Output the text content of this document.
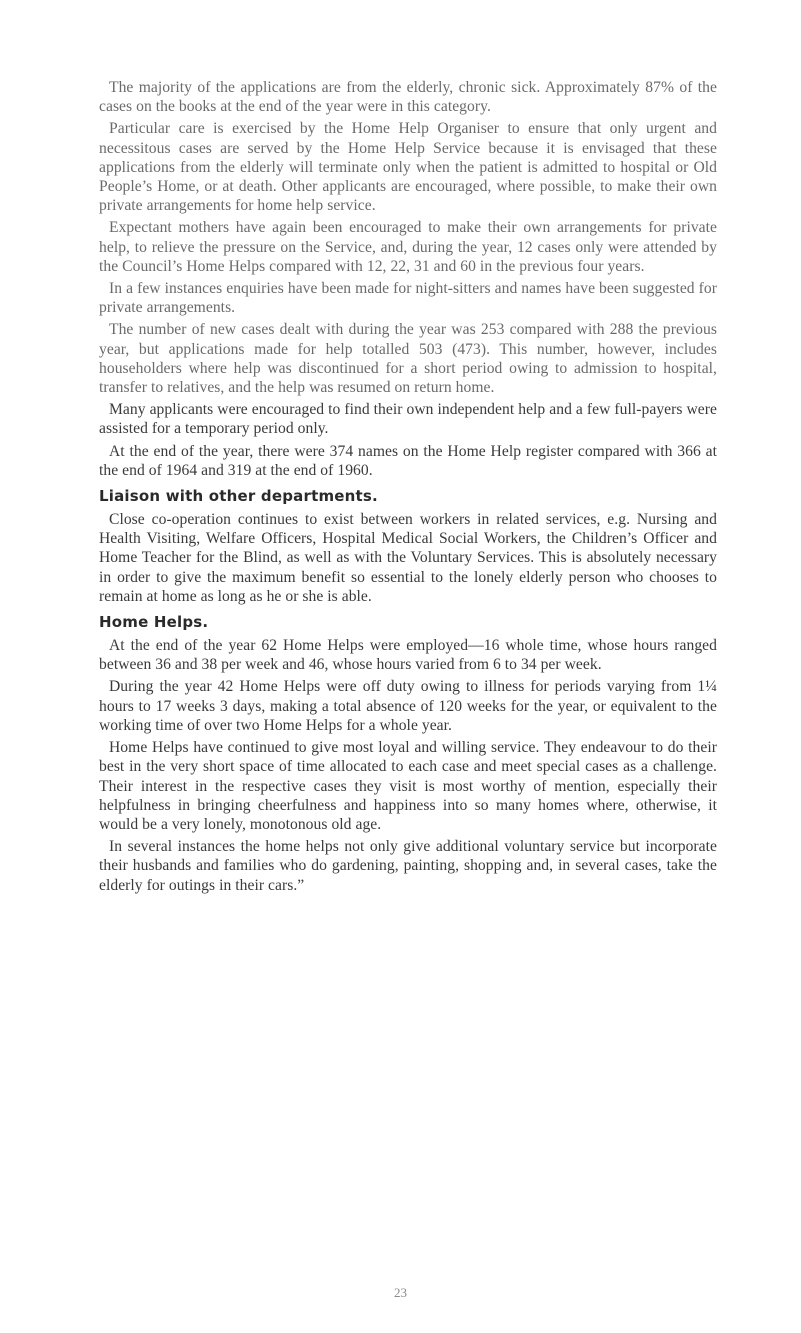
The majority of the applications are from the elderly, chronic sick. Approximately 87% of the cases on the books at the end of the year were in this category.

Particular care is exercised by the Home Help Organiser to ensure that only urgent and necessitous cases are served by the Home Help Service because it is envisaged that these applications from the elderly will terminate only when the patient is admitted to hospital or Old People’s Home, or at death. Other applicants are encouraged, where possible, to make their own private arrangements for home help service.

Expectant mothers have again been encouraged to make their own arrangements for private help, to relieve the pressure on the Service, and, during the year, 12 cases only were attended by the Council’s Home Helps compared with 12, 22, 31 and 60 in the previous four years.

In a few instances enquiries have been made for night-sitters and names have been suggested for private arrangements.

The number of new cases dealt with during the year was 253 compared with 288 the previous year, but applications made for help totalled 503 (473). This number, however, includes householders where help was discontinued for a short period owing to admission to hospital, transfer to relatives, and the help was resumed on return home.

Many applicants were encouraged to find their own independent help and a few full-payers were assisted for a temporary period only.

At the end of the year, there were 374 names on the Home Help register compared with 366 at the end of 1964 and 319 at the end of 1960.

Liaison with other departments.

Close co-operation continues to exist between workers in related services, e.g. Nursing and Health Visiting, Welfare Officers, Hospital Medical Social Workers, the Children’s Officer and Home Teacher for the Blind, as well as with the Voluntary Services. This is absolutely necessary in order to give the maximum benefit so essential to the lonely elderly person who chooses to remain at home as long as he or she is able.

Home Helps.

At the end of the year 62 Home Helps were employed—16 whole time, whose hours ranged between 36 and 38 per week and 46, whose hours varied from 6 to 34 per week.

During the year 42 Home Helps were off duty owing to illness for periods varying from 1¼ hours to 17 weeks 3 days, making a total absence of 120 weeks for the year, or equivalent to the working time of over two Home Helps for a whole year.

Home Helps have continued to give most loyal and willing service. They endeavour to do their best in the very short space of time allocated to each case and meet special cases as a challenge. Their interest in the respective cases they visit is most worthy of mention, especially their helpfulness in bringing cheerfulness and happiness into so many homes where, otherwise, it would be a very lonely, monotonous old age.

In several instances the home helps not only give additional voluntary service but incorporate their husbands and families who do gardening, painting, shopping and, in several cases, take the elderly for outings in their cars.”

23
